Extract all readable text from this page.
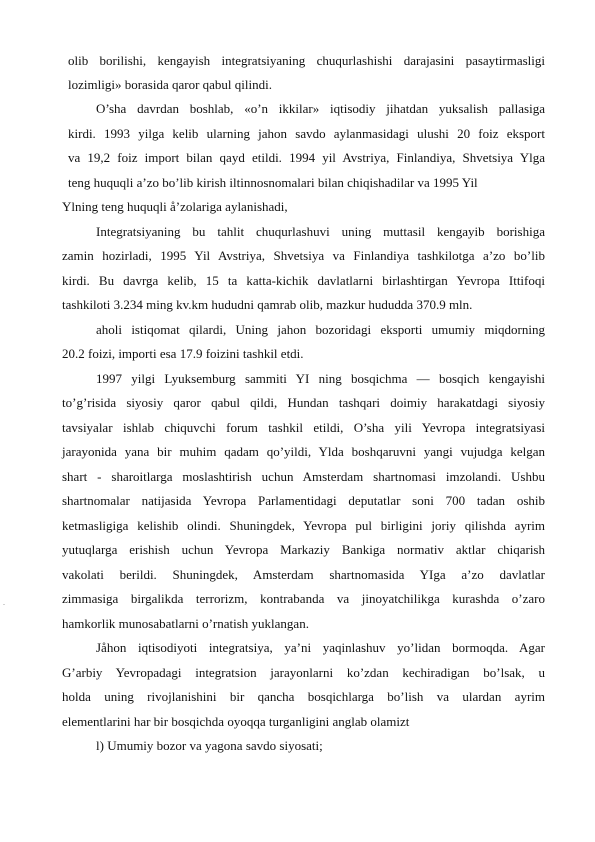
olib borilishi, kengayish integratsiyaning chuqurlashishi darajasini pasaytirmasligi
lozimligi» borasida qaror qabul qilindi.
O’sha davrdan boshlab, «o’n ikkilar» iqtisodiy jihatdan yuksalish pallasiga
kirdi. 1993 yilga kelib ularning jahon savdo aylanmasidagi ulushi 20 foiz eksport
va 19,2 foiz import bilan qayd etildi. 1994 yil Avstriya, Finlandiya, Shvetsiya Ylga
teng huquqli a’zo bo’lib kirish iltinnosnomalari bilan chiqishadilar va 1995 Yil
Ylning teng huquqli å’zolariga aylanishadi,
Integratsiyaning bu tahlit chuqurlashuvi uning muttasil kengayib borishiga
zamin hozirladi, 1995 Yil Avstriya, Shvetsiya va Finlandiya tashkilotga a’zo bo’lib
kirdi. Bu davrga kelib, 15 ta katta-kichik davlatlarni birlashtirgan Yevropa Ittifoqi
tashkiloti 3.234 ming kv.km hududni qamrab olib, mazkur hududda 370.9 mln.
aholi istiqomat qilardi, Uning jahon bozoridagi eksporti umumiy miqdorning
20.2 foizi, importi esa 17.9 foizini tashkil etdi.
1997 yilgi Lyuksemburg sammiti YI ning bosqichma — bosqich kengayishi
to’g’risida siyosiy qaror qabul qildi, Hundan tashqari doimiy harakatdagi siyosiy
tavsiyalar ishlab chiquvchi forum tashkil etildi, O’sha yili Yevropa integratsiyasi
jarayonida yana bir muhim qadam qo’yildi, Ylda boshqaruvni yangi vujudga kelgan
shart - sharoitlarga moslashtirish uchun Amsterdam shartnomasi imzolandi. Ushbu
shartnomalar natijasida Yevropa Parlamentidagi deputatlar soni 700 tadan oshib
ketmasligiga kelishib olindi. Shuningdek, Yevropa pul birligini joriy qilishda ayrim
yutuqlarga erishish uchun Yevropa Markaziy Bankiga normativ aktlar chiqarish
vakolati berildi. Shuningdek, Amsterdam shartnomasida YIga a’zo davlatlar
zimmasiga birgalikda terrorizm, kontrabanda va jinoyatchilikga kurashda o’zaro
hamkorlik munosabatlarni o’rnatish yuklangan.
Jåhon iqtisodiyoti integratsiya, ya’ni yaqinlashuv yo’lidan bormoqda. Agar
G’arbiy Yevropadagi integratsion jarayonlarni ko’zdan kechiradigan bo’lsak, u
holda uning rivojlanishini bir qancha bosqichlarga bo’lish va ulardan ayrim
elementlarini har bir bosqichda oyoqqa turganligini anglab olamizt
l) Umumiy bozor va yagona savdo siyosati;
.
